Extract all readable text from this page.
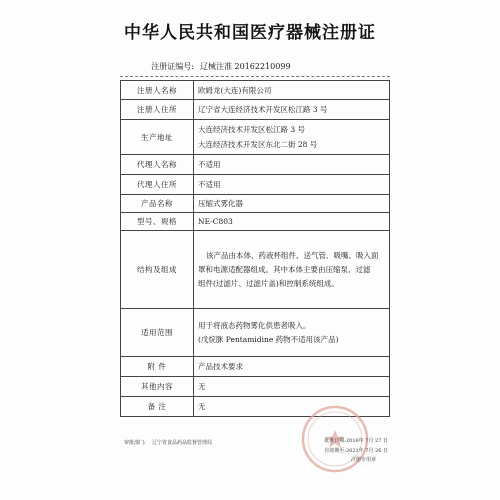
中华人民共和国医疗器械注册证
注册证编号: 辽械注准 20162210099
注册人名称	欧姆龙(大连)有限公司
注册人住所	辽宁省大连经济技术开发区松江路 3 号
生产地址	大连经济技术开发区松江路 3 号

大连经济技术开发区东北二街 28 号

代理人名称	不适用
代理人住所	不适用
产品名称	压缩式雾化器
型号、规格	NE-C803
结构及组成	该产品由本体、药液杯组件、送气管、吸嘴、吸入面

罩和电源适配器组成。其中本体主要由压缩泵、过滤

组件(过滤片、过滤片盖)和控制系统组成。

适用范围	用于将液态药物雾化供患者吸入。

(戊烷脒 Pentamidine 药物不适用该产品)

附 件	产品技术要求
其他内容	无
备 注	无
审批部门: 辽宁省食品药品监督管理局	批准日期:2016年 7月 27 日
有效期至:2021年 7月 26 日
注册专用章
